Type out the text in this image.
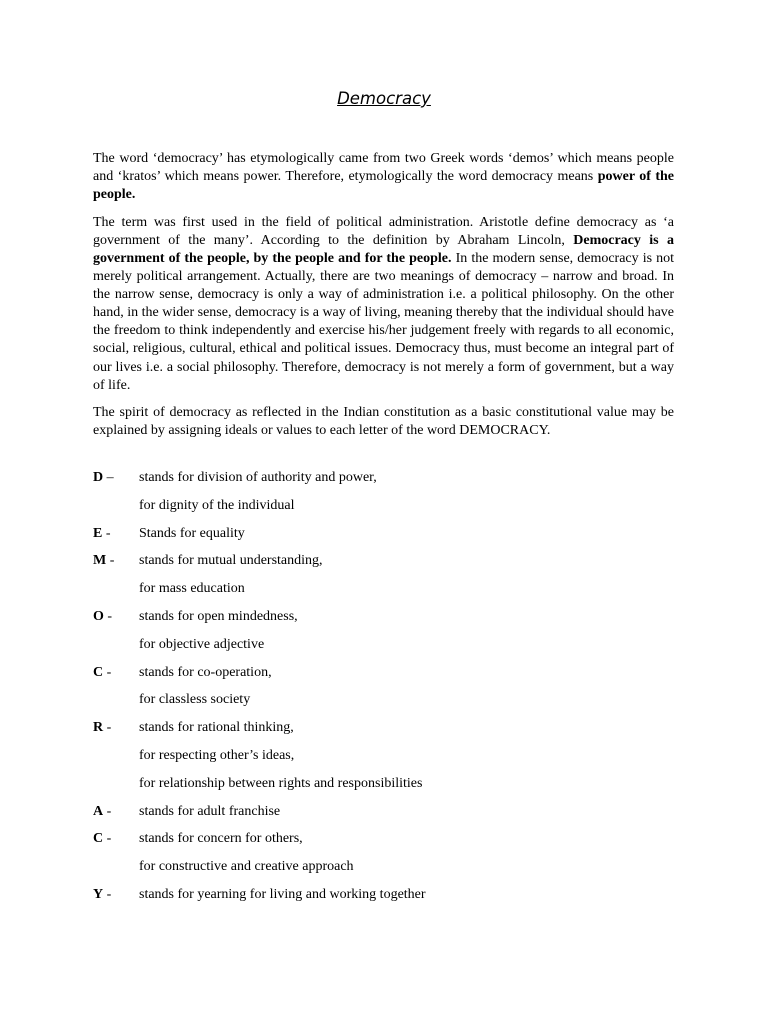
Democracy

The word ‘democracy’ has etymologically came from two Greek words ‘demos’ which means people and ‘kratos’ which means power. Therefore, etymologically the word democracy means power of the people.

The term was first used in the field of political administration. Aristotle define democracy as ‘a government of the many’. According to the definition by Abraham Lincoln, Democracy is a government of the people, by the people and for the people. In the modern sense, democracy is not merely political arrangement. Actually, there are two meanings of democracy – narrow and broad. In the narrow sense, democracy is only a way of administration i.e. a political philosophy. On the other hand, in the wider sense, democracy is a way of living, meaning thereby that the individual should have the freedom to think independently and exercise his/her judgement freely with regards to all economic, social, religious, cultural, ethical and political issues. Democracy thus, must become an integral part of our lives i.e. a social philosophy. Therefore, democracy is not merely a form of government, but a way of life.

The spirit of democracy as reflected in the Indian constitution as a basic constitutional value may be explained by assigning ideals or values to each letter of the word DEMOCRACY.

D – stands for division of authority and power,
for dignity of the individual
E - Stands for equality
M - stands for mutual understanding,
for mass education
O - stands for open mindedness,
for objective adjective
C - stands for co-operation,
for classless society
R - stands for rational thinking,
for respecting other’s ideas,
for relationship between rights and responsibilities
A - stands for adult franchise
C - stands for concern for others,
for constructive and creative approach
Y - stands for yearning for living and working together
